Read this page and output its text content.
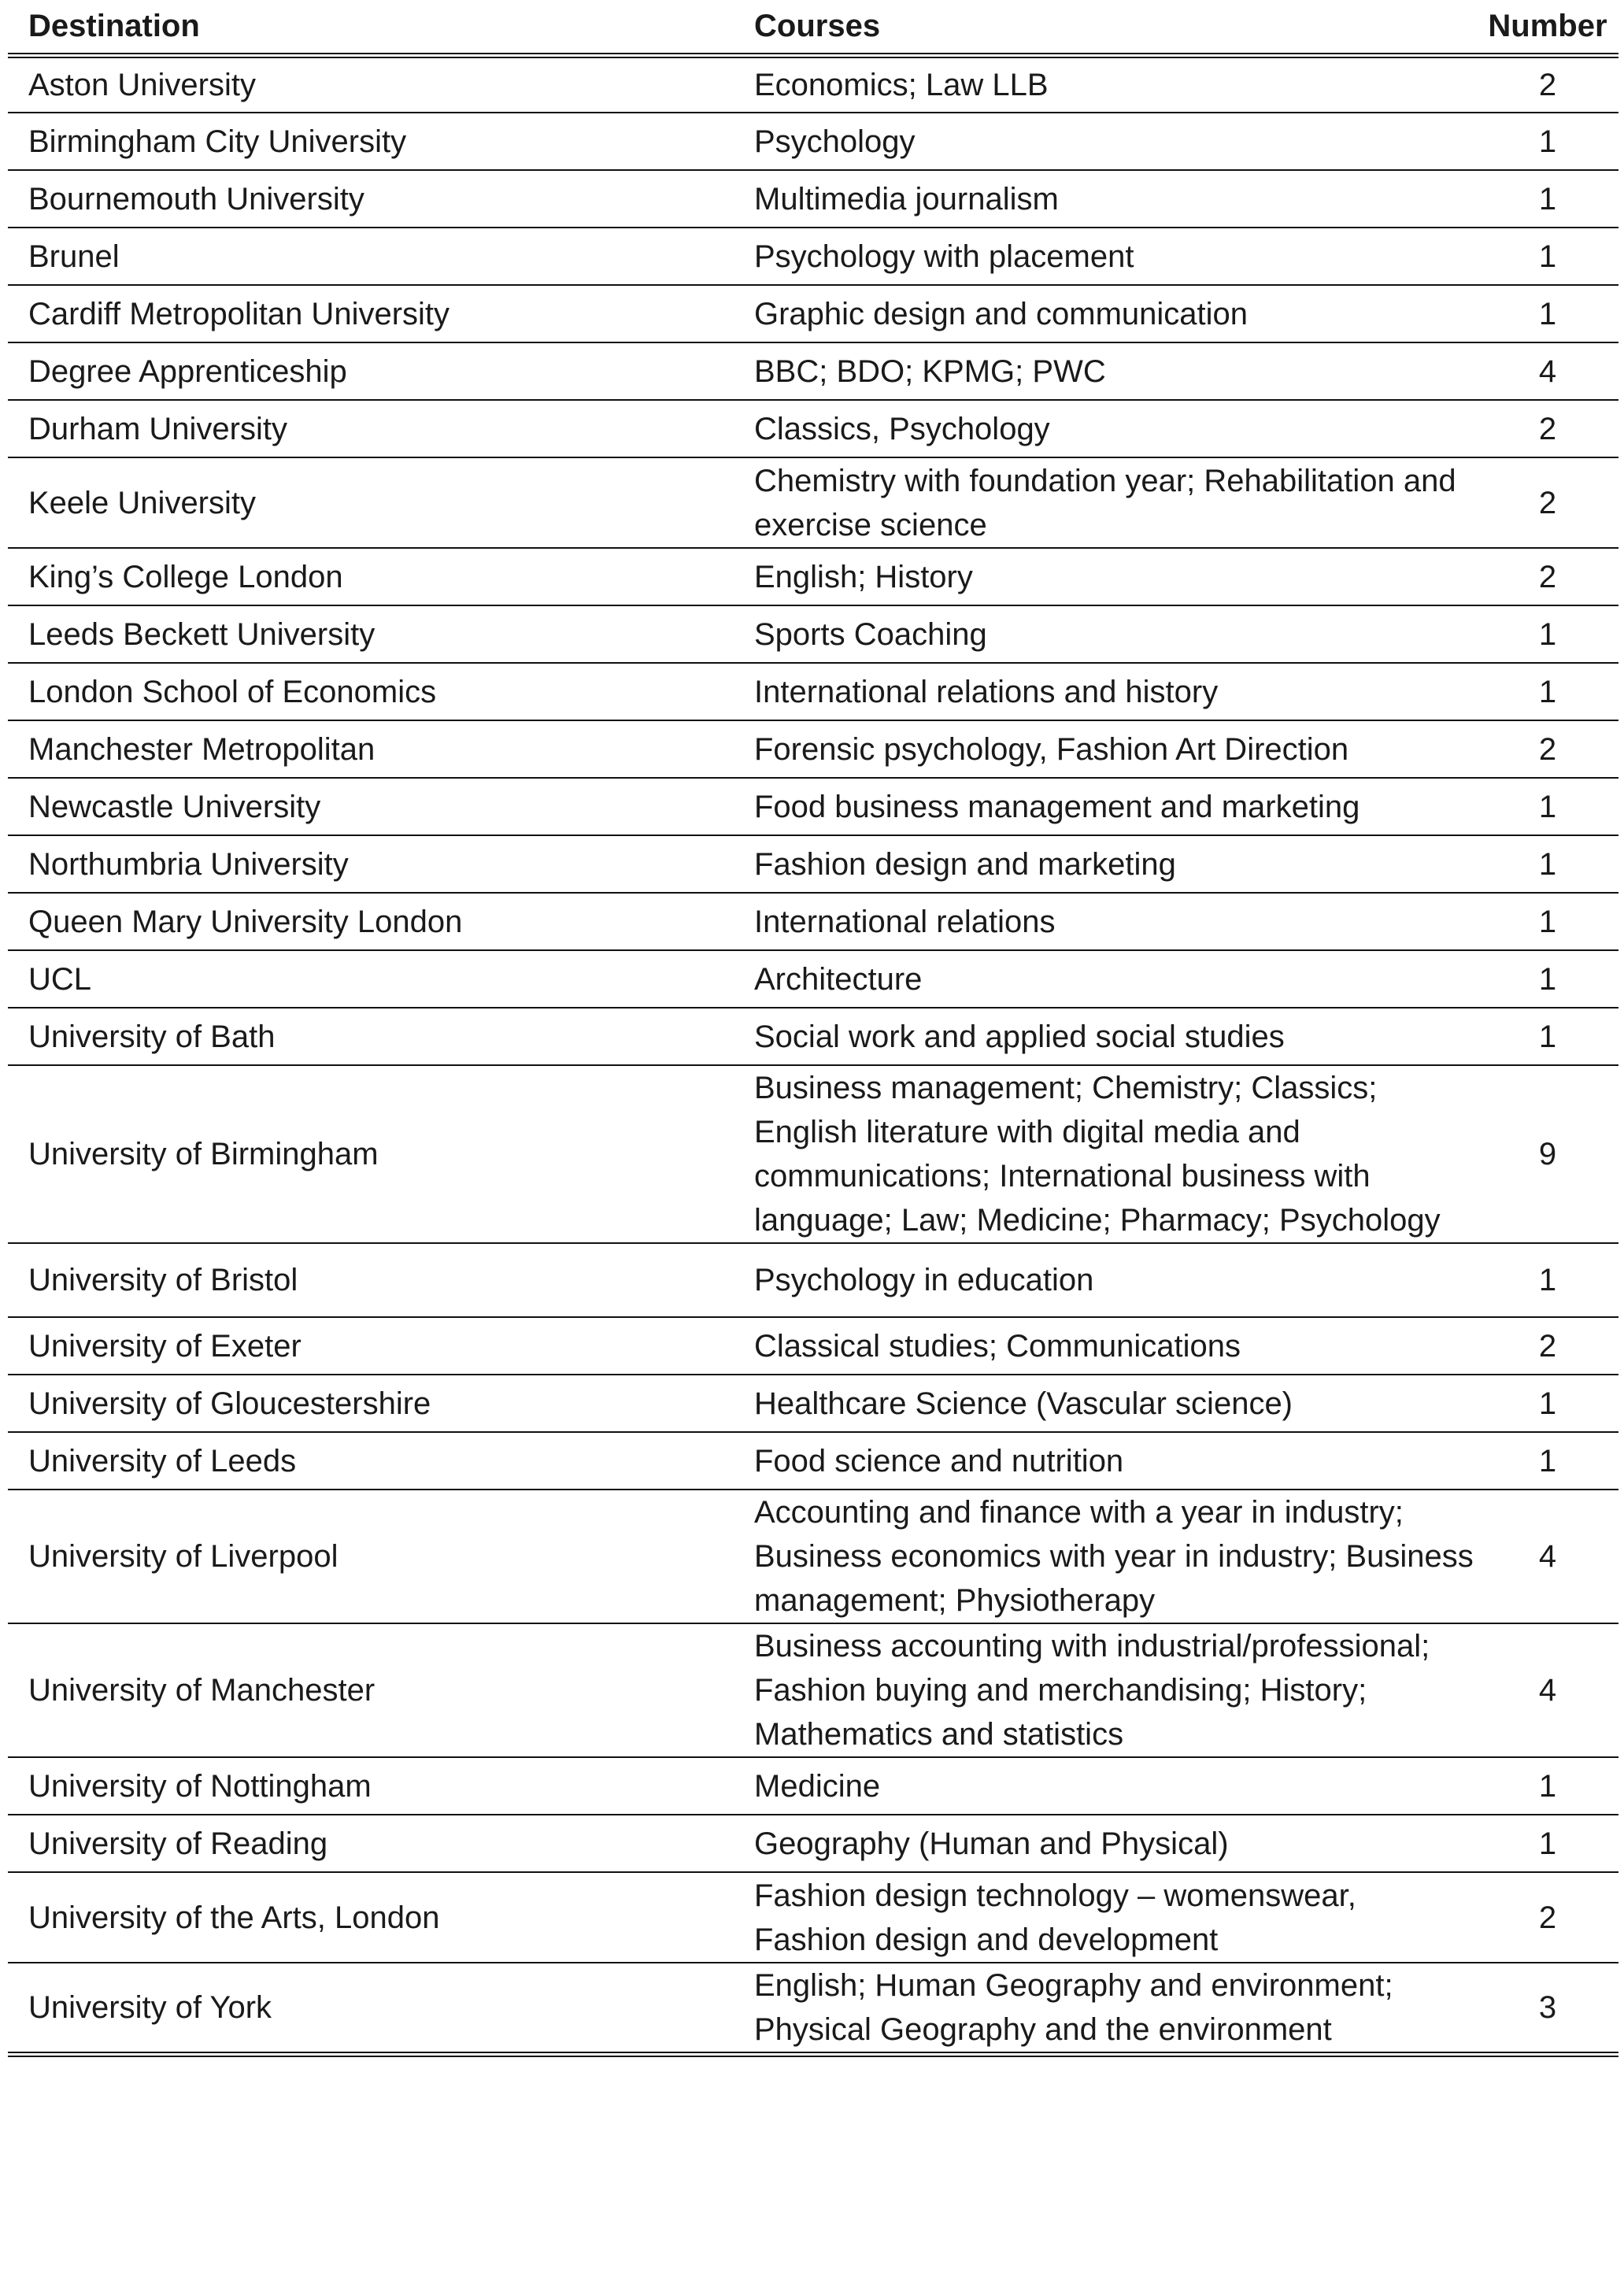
Destination	Courses	Number
Aston University	Economics; Law LLB	2
Birmingham City University	Psychology	1
Bournemouth University	Multimedia journalism	1
Brunel	Psychology with placement	1
Cardiff Metropolitan University	Graphic design and communication	1
Degree Apprenticeship	BBC; BDO; KPMG; PWC	4
Durham University	Classics, Psychology	2
Keele University	Chemistry with foundation year; Rehabilitation and exercise science	2
King’s College London	English; History	2
Leeds Beckett University	Sports Coaching	1
London School of Economics	International relations and history	1
Manchester Metropolitan	Forensic psychology, Fashion Art Direction	2
Newcastle University	Food business management and marketing	1
Northumbria University	Fashion design and marketing	1
Queen Mary University London	International relations	1
UCL	Architecture	1
University of Bath	Social work and applied social studies	1
University of Birmingham	Business management; Chemistry; Classics; English literature with digital media and communications; International business with language; Law; Medicine; Pharmacy; Psychology	9
University of Bristol	Psychology in education	1
University of Exeter	Classical studies; Communications	2
University of Gloucestershire	Healthcare Science (Vascular science)	1
University of Leeds	Food science and nutrition	1
University of Liverpool	Accounting and finance with a year in industry; Business economics with year in industry; Business management; Physiotherapy	4
University of Manchester	Business accounting with industrial/professional; Fashion buying and merchandising; History; Mathematics and statistics	4
University of Nottingham	Medicine	1
University of Reading	Geography (Human and Physical)	1
University of the Arts, London	Fashion design technology – womenswear, Fashion design and development	2
University of York	English; Human Geography and environment; Physical Geography and the environment	3
